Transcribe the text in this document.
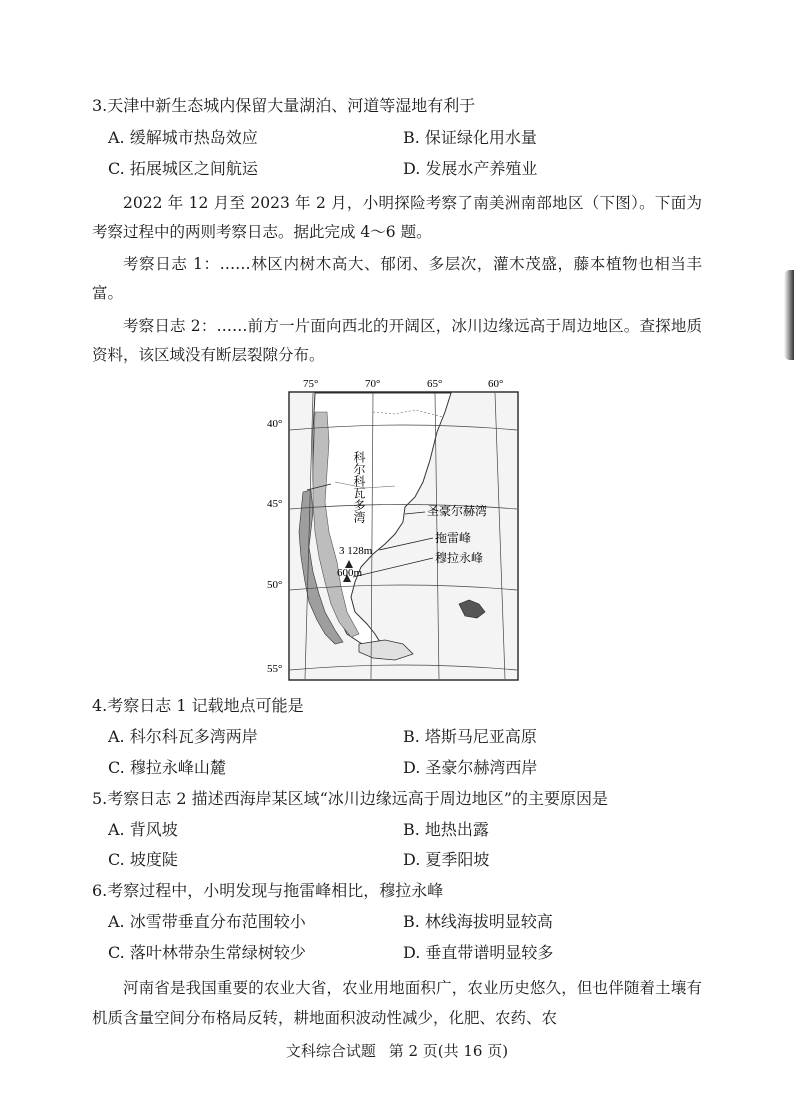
3.天津中新生态城内保留大量湖泊、河道等湿地有利于
A. 缓解城市热岛效应	B. 保证绿化用水量
C. 拓展城区之间航运	D. 发展水产养殖业
2022 年 12 月至 2023 年 2 月，小明探险考察了南美洲南部地区（下图）。下面为考察过程中的两则考察日志。据此完成 4～6 题。
考察日志 1：……林区内树木高大、郁闭、多层次，灌木茂盛，藤本植物也相当丰富。
考察日志 2：……前方一片面向西北的开阔区，冰川边缘远高于周边地区。查探地质资料，该区域没有断层裂隙分布。
75°	70°	65°	60°
40°
45°
50°
55°
科尔科瓦多湾
圣豪尔赫湾
3 128m
600m
拖雷峰
穆拉永峰
4.考察日志 1 记载地点可能是
A. 科尔科瓦多湾两岸	B. 塔斯马尼亚高原
C. 穆拉永峰山麓	D. 圣豪尔赫湾西岸
5.考察日志 2 描述西海岸某区域“冰川边缘远高于周边地区”的主要原因是
A. 背风坡	B. 地热出露
C. 坡度陡	D. 夏季阳坡
6.考察过程中，小明发现与拖雷峰相比，穆拉永峰
A. 冰雪带垂直分布范围较小	B. 林线海拔明显较高
C. 落叶林带杂生常绿树较少	D. 垂直带谱明显较多
河南省是我国重要的农业大省，农业用地面积广，农业历史悠久，但也伴随着土壤有机质含量空间分布格局反转，耕地面积波动性减少，化肥、农药、农
文科综合试题 第 2 页(共 16 页)
